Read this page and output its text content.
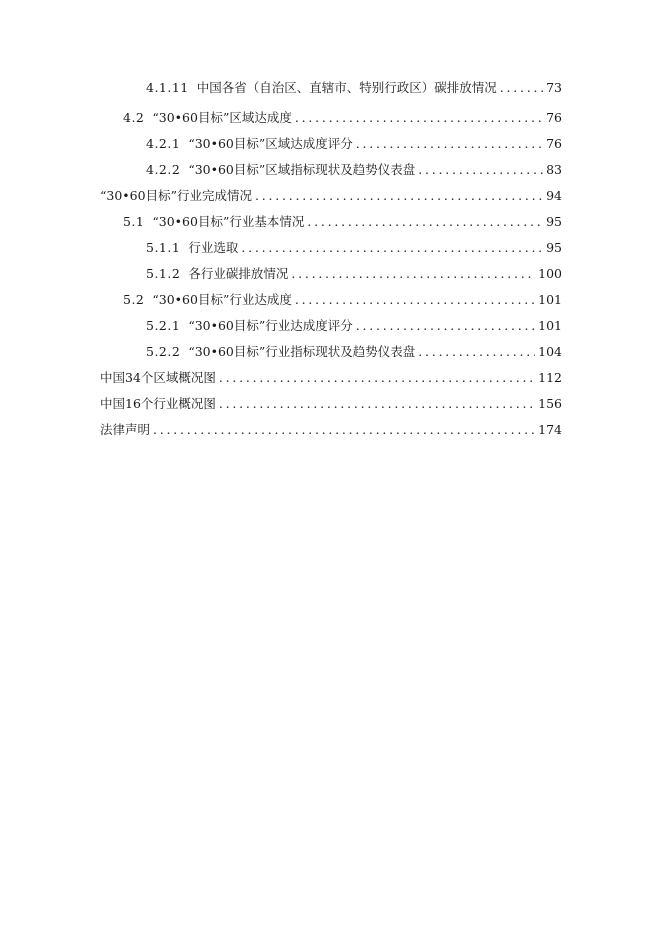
4.1.11 中国各省（自治区、直辖市、特别行政区）碳排放情况 . . .	73
4.2 “30•60目标”区域达成度 . . .	76
4.2.1 “30•60目标”区域达成度评分 . . .	76
4.2.2 “30•60目标”区域指标现状及趋势仪表盘 . . .	83
“30•60目标”行业完成情况 . . .	94
5.1 “30•60目标”行业基本情况 . . .	95
5.1.1 行业选取 . . .	95
5.1.2 各行业碳排放情况 . . .	100
5.2 “30•60目标”行业达成度 . . .	101
5.2.1 “30•60目标”行业达成度评分 . . .	101
5.2.2 “30•60目标”行业指标现状及趋势仪表盘 . . .	104
中国34个区域概况图 . . .	112
中国16个行业概况图 . . .	156
法律声明 . . .	174
